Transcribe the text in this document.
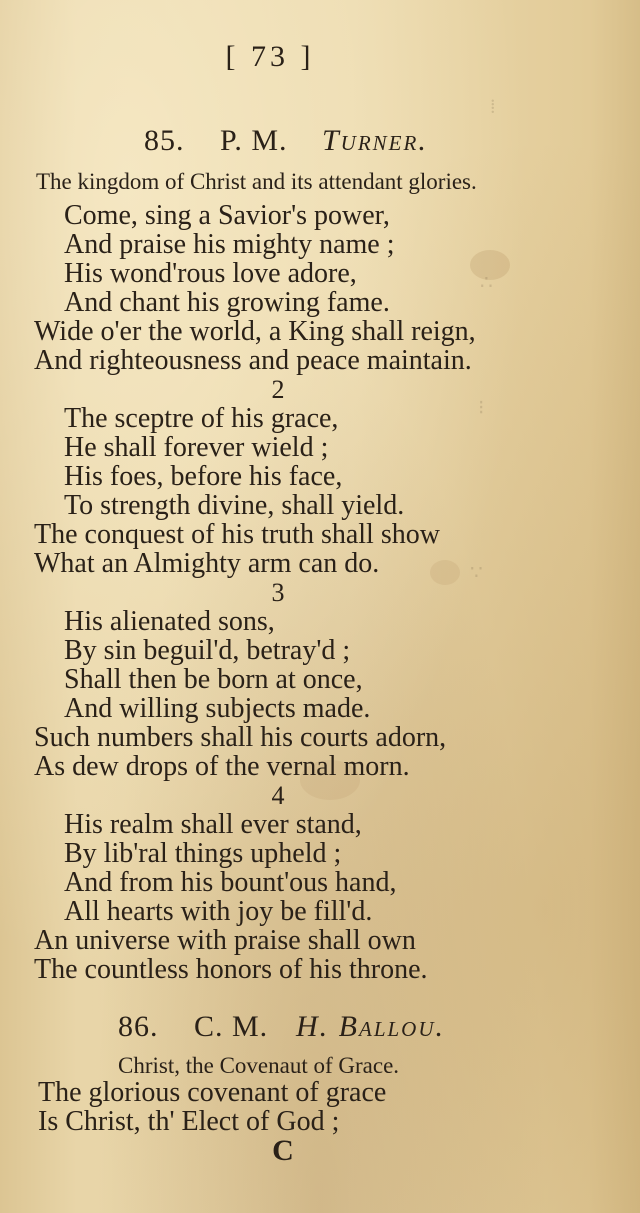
⁞
∴
⁝
∵
[ 73 ]
85. P. M. Turner.
The kingdom of Christ and its attendant glories.
Come, sing a Savior's power,
And praise his mighty name ;
His wond'rous love adore,
And chant his growing fame.
Wide o'er the world, a King shall reign,
And righteousness and peace maintain.
2
The sceptre of his grace,
He shall forever wield ;
His foes, before his face,
To strength divine, shall yield.
The conquest of his truth shall show
What an Almighty arm can do.
3
His alienated sons,
By sin beguil'd, betray'd ;
Shall then be born at once,
And willing subjects made.
Such numbers shall his courts adorn,
As dew drops of the vernal morn.
4
His realm shall ever stand,
By lib'ral things upheld ;
And from his bount'ous hand,
All hearts with joy be fill'd.
An universe with praise shall own
The countless honors of his throne.
86. C. M. H. Ballou.
Christ, the Covenaut of Grace.
The glorious covenant of grace
Is Christ, th' Elect of God ;
C
